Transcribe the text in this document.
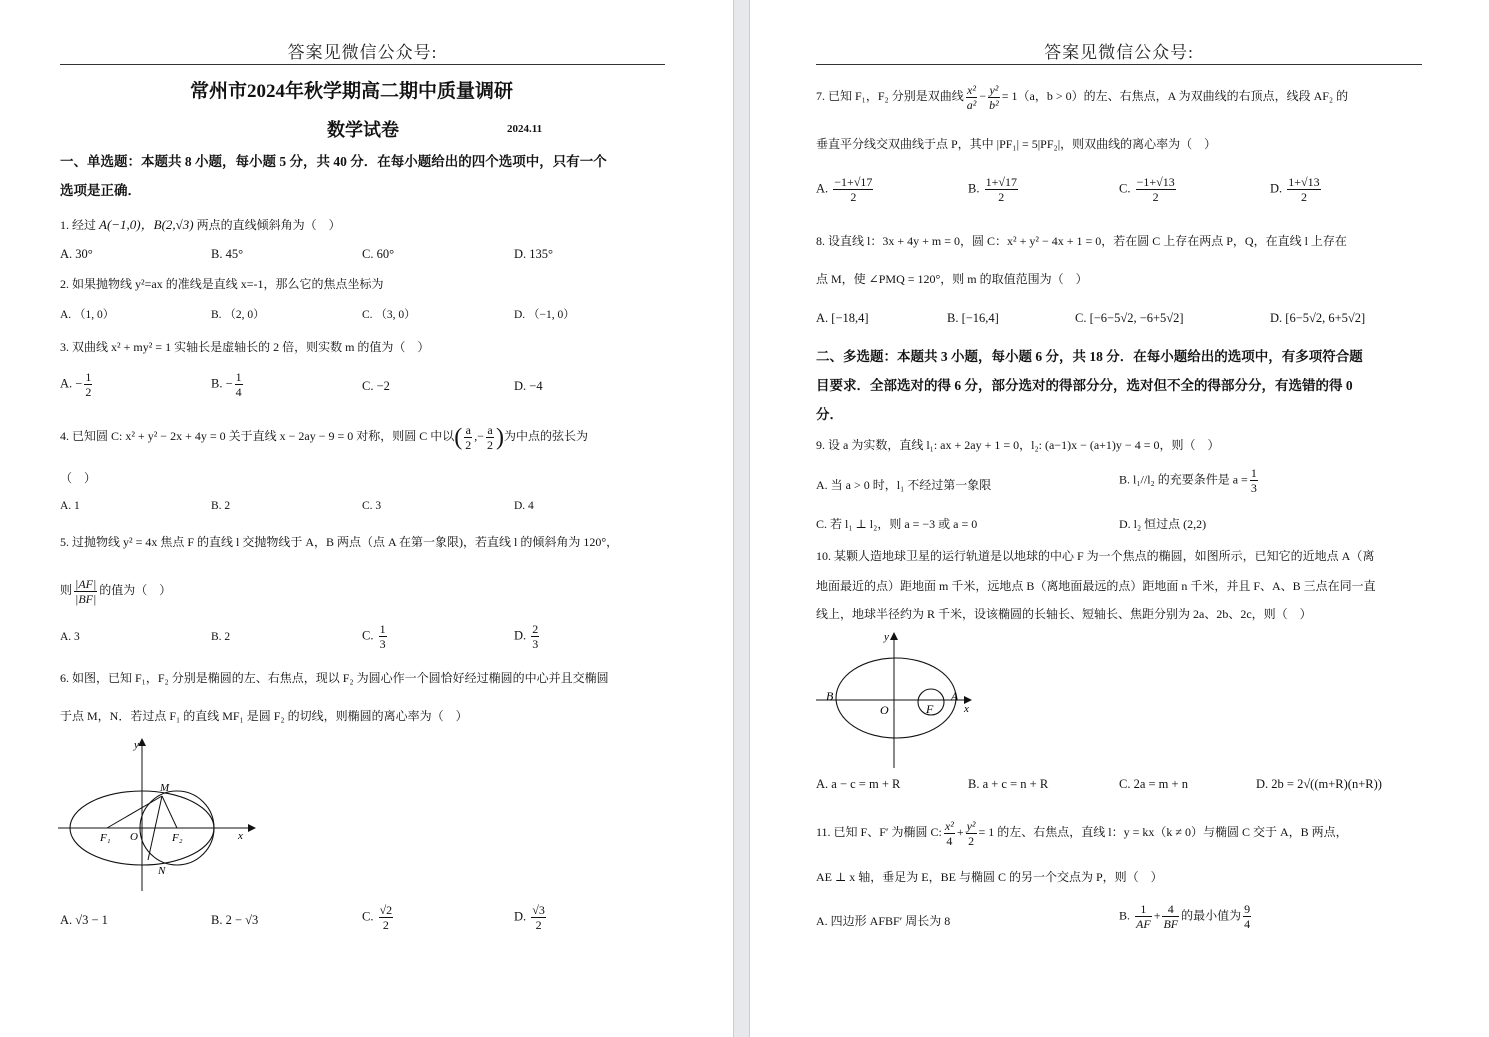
答案见微信公众号:
常州市2024年秋学期高二期中质量调研
数学试卷	2024.11
一、单选题：本题共 8 小题，每小题 5 分，共 40 分．在每小题给出的四个选项中，只有一个
选项是正确．
1. 经过 A(−1,0)，B(2,√3) 两点的直线倾斜角为（　）
A. 30°	B. 45°	C. 60°	D. 135°
2. 如果抛物线 y²=ax 的准线是直线 x=-1，那么它的焦点坐标为
A. （1, 0）	B. （2, 0）	C. （3, 0）	D. （−1, 0）
3. 双曲线 x² + my² = 1 实轴长是虚轴长的 2 倍，则实数 m 的值为（　）
A. − $\frac{1}{2}$	B. − $\frac{1}{4}$	C. −2	D. −4
4. 已知圆 C: x² + y² − 2x + 4y = 0 关于直线 x − 2ay − 9 = 0 对称，则圆 C 中以( $\frac{a}{2}$ ,− $\frac{a}{2}$ )为中点的弦长为
（　）
A. 1	B. 2	C. 3	D. 4
5. 过抛物线 y² = 4x 焦点 F 的直线 l 交抛物线于 A，B 两点（点 A 在第一象限)，若直线 l 的倾斜角为 120°，
则 $\frac{|AF|}{|BF|}$ 的值为（　）
A. 3	B. 2	C. $\frac{1}{3}$	D. $\frac{2}{3}$
6. 如图，已知 F₁，F₂ 分别是椭圆的左、右焦点，现以 F₂ 为圆心作一个圆恰好经过椭圆的中心并且交椭圆
于点 M，N．若过点 F₁ 的直线 MF₁ 是圆 F₂ 的切线，则椭圆的离心率为（　）
y
x
M
N
F₁	F₂
O
A. √3 − 1	B. 2 − √3	C. $\frac{√2}{2}$	D. $\frac{√3}{2}$
答案见微信公众号:
7. 已知 F₁，F₂ 分别是双曲线 $\frac{\text{x²}}{\text{a²}} - \frac{\text{y²}}{\text{b²}} = 1(a$，b > 0）的左、右焦点，A 为双曲线的右顶点，线段 AF₂ 的
垂直平分线交双曲线于点 P，其中 |PF₁| = 5|PF₂|，则双曲线的离心率为（　）
A. $\frac{-1+√17}{2}$	B. $\frac{1+√17}{2}$	C. $\frac{-1+√13}{2}$	D. $\frac{1+√13}{2}$
8. 设直线 l：3x + 4y + m = 0，圆 C：x² + y² − 4x + 1 = 0，若在圆 C 上存在两点 P，Q，在直线 l 上存在
点 M，使 ∠PMQ = 120°，则 m 的取值范围为（　）
A. [−18,4]	B. [−16,4]	C. [−6−5√2, −6+5√2]	D. [6−5√2, 6+5√2]
二、多选题：本题共 3 小题，每小题 6 分，共 18 分．在每小题给出的选项中，有多项符合题
目要求．全部选对的得 6 分，部分选对的得部分分，选对但不全的得部分分，有选错的得 0
分．
9. 设 a 为实数，直线 l₁: ax + 2ay + 1 = 0，l₂: (a−1)x − (a+1)y − 4 = 0，则（　）
A. 当 a > 0 时，l₁ 不经过第一象限	B. l₁//l₂ 的充要条件是 $a = \frac{1}{3}$
C. 若 l₁ ⊥ l₂，则 a = −3 或 a = 0	D. l₂ 恒过点 (2,2)
10. 某颗人造地球卫星的运行轨道是以地球的中心 F 为一个焦点的椭圆，如图所示，已知它的近地点 A（离
地面最近的点）距地面 m 千米，远地点 B（离地面最远的点）距地面 n 千米，并且 F、A、B 三点在同一直
线上，地球半径约为 R 千米，设该椭圆的长轴长、短轴长、焦距分别为 2a、2b、2c，则（　）
y
x
B	A
O	F
A. a − c = m + R	B. a + c = n + R	C. 2a = m + n	D. 2b = 2√((m+R)(n+R))
11. 已知 F、F′ 为椭圆 C: $\frac{\text{x²}}{4} + \frac{\text{y²}}{2} = 1$ 的左、右焦点，直线 l：y = kx（k ≠ 0）与椭圆 C 交于 A，B 两点，
AE ⊥ x 轴，垂足为 E，BE 与椭圆 C 的另一个交点为 P，则（　）
A. 四边形 AFBF′ 周长为 8	B. $\frac{1}{AF} + \frac{4}{BF}$ 的最小值为 $\frac{9}{4}$
